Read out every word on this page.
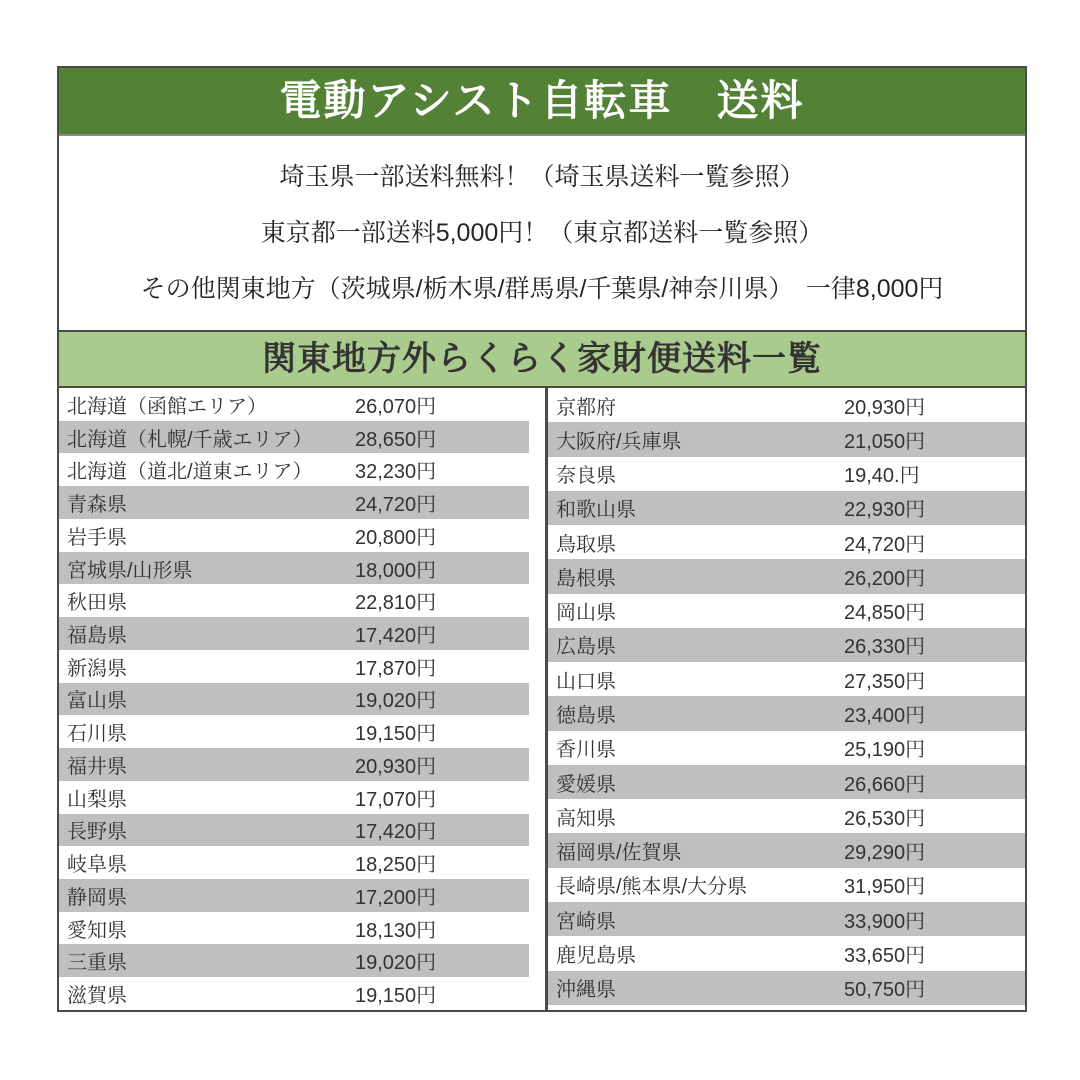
電動アシスト自転車　送料
埼玉県一部送料無料！（埼玉県送料一覧参照）
東京都一部送料5,000円！（東京都送料一覧参照）
その他関東地方（茨城県/栃木県/群馬県/千葉県/神奈川県）　一律8,000円
関東地方外らくらく家財便送料一覧
北海道（函館エリア）	26,070円
北海道（札幌/千歳エリア）	28,650円
北海道（道北/道東エリア）	32,230円
青森県	24,720円
岩手県	20,800円
宮城県/山形県	18,000円
秋田県	22,810円
福島県	17,420円
新潟県	17,870円
富山県	19,020円
石川県	19,150円
福井県	20,930円
山梨県	17,070円
長野県	17,420円
岐阜県	18,250円
静岡県	17,200円
愛知県	18,130円
三重県	19,020円
滋賀県	19,150円
京都府	20,930円
大阪府/兵庫県	21,050円
奈良県	19,40.円
和歌山県	22,930円
鳥取県	24,720円
島根県	26,200円
岡山県	24,850円
広島県	26,330円
山口県	27,350円
徳島県	23,400円
香川県	25,190円
愛媛県	26,660円
高知県	26,530円
福岡県/佐賀県	29,290円
長崎県/熊本県/大分県	31,950円
宮崎県	33,900円
鹿児島県	33,650円
沖縄県	50,750円
